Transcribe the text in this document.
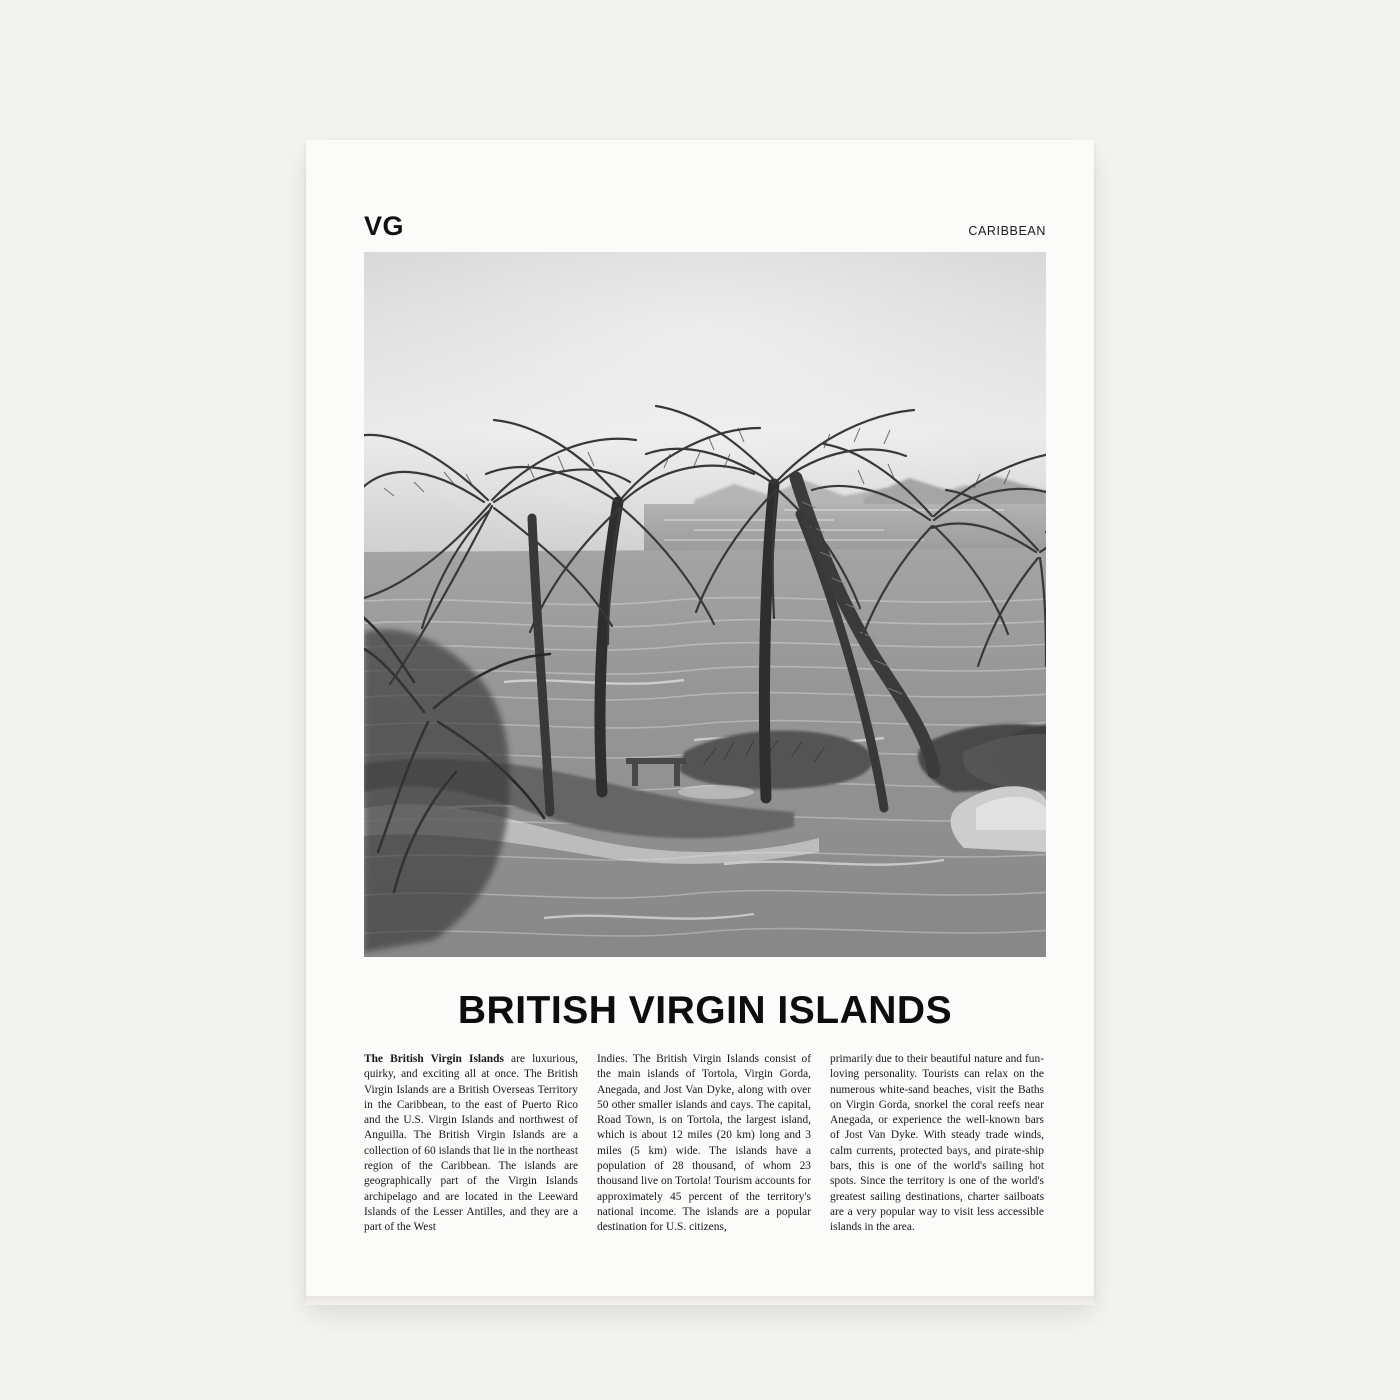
VG	CARIBBEAN
BRITISH VIRGIN ISLANDS
The British Virgin Islands are luxurious, quirky, and exciting all at once. The British Virgin Islands are a British Overseas Territory in the Caribbean, to the east of Puerto Rico and the U.S. Virgin Islands and northwest of Anguilla. The British Virgin Islands are a collection of 60 islands that lie in the northeast region of the Caribbean. The islands are geographically part of the Virgin Islands archipelago and are located in the Leeward Islands of the Lesser Antilles, and they are a part of the West
Indies. The British Virgin Islands consist of the main islands of Tortola, Virgin Gorda, Anegada, and Jost Van Dyke, along with over 50 other smaller islands and cays. The capital, Road Town, is on Tortola, the largest island, which is about 12 miles (20 km) long and 3 miles (5 km) wide. The islands have a population of 28 thousand, of whom 23 thousand live on Tortola! Tourism accounts for approximately 45 percent of the territory's national income. The islands are a popular destination for U.S. citizens,
primarily due to their beautiful nature and fun-loving personality. Tourists can relax on the numerous white-sand beaches, visit the Baths on Virgin Gorda, snorkel the coral reefs near Anegada, or experience the well-known bars of Jost Van Dyke. With steady trade winds, calm currents, protected bays, and pirate-ship bars, this is one of the world's sailing hot spots. Since the territory is one of the world's greatest sailing destinations, charter sailboats are a very popular way to visit less accessible islands in the area.
